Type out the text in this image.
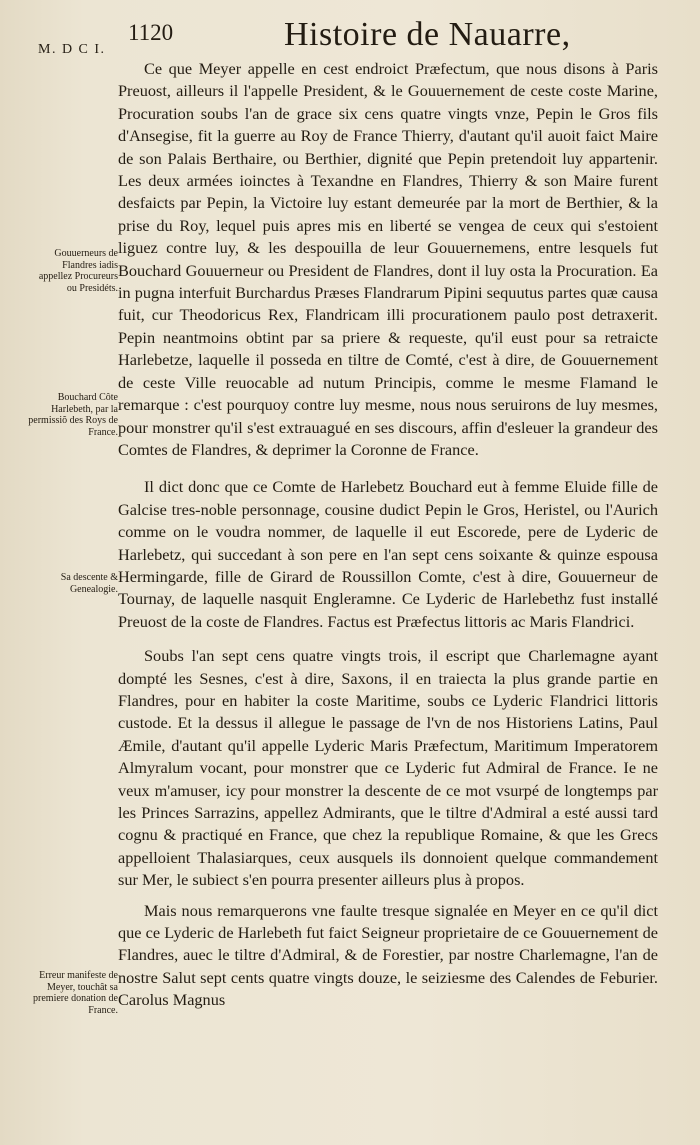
M. D C I.
1120	Histoire de Nauarre,
Gouuerneurs de Flandres iadis appellez Procureurs ou Presidéts.
Bouchard Côte Harlebeth, par la permissiõ des Roys de France.
Sa descente & Genealogie.
Erreur manifeste de Meyer, touchât sa premiere donation de France.

Ce que Meyer appelle en cest endroict Præfectum, que nous disons à Paris Preuost, ailleurs il l'appelle President, & le Gouuernement de ceste coste Marine, Procuration soubs l'an de grace six cens quatre vingts vnze, Pepin le Gros fils d'Ansegise, fit la guerre au Roy de France Thierry, d'autant qu'il auoit faict Maire de son Palais Berthaire, ou Berthier, dignité que Pepin pretendoit luy appartenir. Les deux armées ioinctes à Texandne en Flandres, Thierry & son Maire furent desfaicts par Pepin, la Victoire luy estant demeurée par la mort de Berthier, & la prise du Roy, lequel puis apres mis en liberté se vengea de ceux qui s'estoient liguez contre luy, & les despouilla de leur Gouuernemens, entre lesquels fut Bouchard Gouuerneur ou President de Flandres, dont il luy osta la Procuration. Ea in pugna interfuit Burchardus Præses Flandrarum Pipini sequutus partes quæ causa fuit, cur Theodoricus Rex, Flandricam illi procurationem paulo post detraxerit. Pepin neantmoins obtint par sa priere & requeste, qu'il eust pour sa retraicte Harlebetze, laquelle il posseda en tiltre de Comté, c'est à dire, de Gouuernement de ceste Ville reuocable ad nutum Principis, comme le mesme Flamand le remarque : c'est pourquoy contre luy mesme, nous nous seruirons de luy mesmes, pour monstrer qu'il s'est extrauagué en ses discours, affin d'esleuer la grandeur des Comtes de Flandres, & deprimer la Coronne de France.

Il dict donc que ce Comte de Harlebetz Bouchard eut à femme Eluide fille de Galcise tres-noble personnage, cousine dudict Pepin le Gros, Heristel, ou l'Aurich comme on le voudra nommer, de laquelle il eut Escorede, pere de Lyderic de Harlebetz, qui succedant à son pere en l'an sept cens soixante & quinze espousa Hermingarde, fille de Girard de Roussillon Comte, c'est à dire, Gouuerneur de Tournay, de laquelle nasquit Engleramne. Ce Lyderic de Harlebethz fust installé Preuost de la coste de Flandres. Factus est Præfectus littoris ac Maris Flandrici.

Soubs l'an sept cens quatre vingts trois, il escript que Charlemagne ayant dompté les Sesnes, c'est à dire, Saxons, il en traiecta la plus grande partie en Flandres, pour en habiter la coste Maritime, soubs ce Lyderic Flandrici littoris custode. Et la dessus il allegue le passage de l'vn de nos Historiens Latins, Paul Æmile, d'autant qu'il appelle Lyderic Maris Præfectum, Maritimum Imperatorem Almyralum vocant, pour monstrer que ce Lyderic fut Admiral de France. Ie ne veux m'amuser, icy pour monstrer la descente de ce mot vsurpé de longtemps par les Princes Sarrazins, appellez Admirants, que le tiltre d'Admiral a esté aussi tard cognu & practiqué en France, que chez la republique Romaine, & que les Grecs appelloient Thalasiarques, ceux ausquels ils donnoient quelque commandement sur Mer, le subiect s'en pourra presenter ailleurs plus à propos.

Mais nous remarquerons vne faulte tresque signalée en Meyer en ce qu'il dict que ce Lyderic de Harlebeth fut faict Seigneur proprietaire de ce Gouuernement de Flandres, auec le tiltre d'Admiral, & de Forestier, par nostre Charlemagne, l'an de nostre Salut sept cents quatre vingts douze, le seiziesme des Calendes de Feburier. Carolus Magnus
